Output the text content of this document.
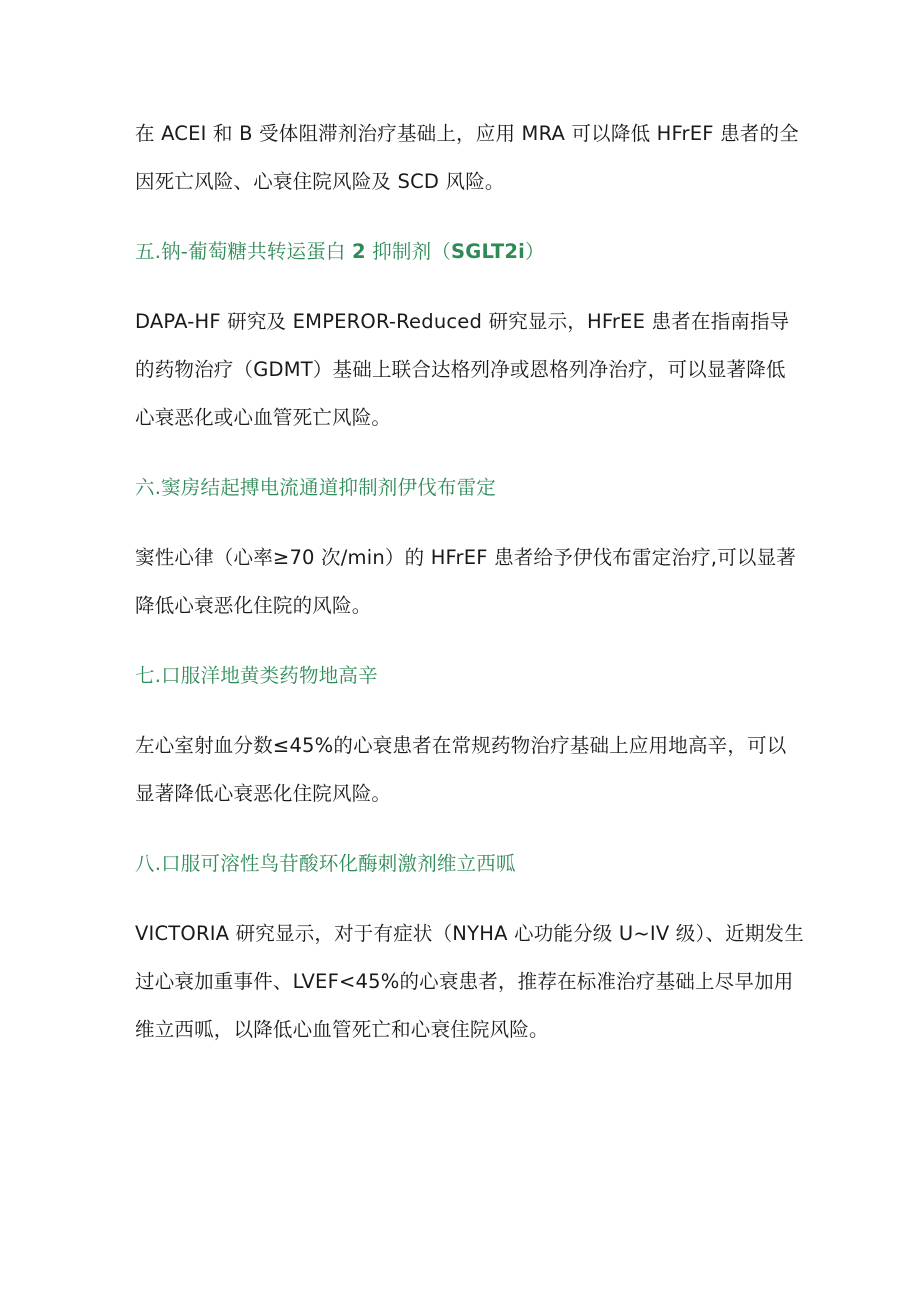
在 ACEI 和 B 受体阻滞剂治疗基础上，应用 MRA 可以降低 HFrEF 患者的全因死亡风险、心衰住院风险及 SCD 风险。

五.钠-葡萄糖共转运蛋白 2 抑制剂（SGLT2i）

DAPA-HF 研究及 EMPEROR-Reduced 研究显示，HFrEE 患者在指南指导的药物治疗（GDMT）基础上联合达格列净或恩格列净治疗，可以显著降低心衰恶化或心血管死亡风险。

六.窦房结起搏电流通道抑制剂伊伐布雷定

窦性心律（心率≥70 次/min）的 HFrEF 患者给予伊伐布雷定治疗,可以显著降低心衰恶化住院的风险。

七.口服洋地黄类药物地高辛

左心室射血分数≤45%的心衰患者在常规药物治疗基础上应用地高辛，可以显著降低心衰恶化住院风险。

八.口服可溶性鸟苷酸环化酶刺激剂维立西呱

VICTORIA 研究显示，对于有症状（NYHA 心功能分级 U~IV 级）、近期发生过心衰加重事件、LVEF<45%的心衰患者，推荐在标准治疗基础上尽早加用维立西呱，以降低心血管死亡和心衰住院风险。
